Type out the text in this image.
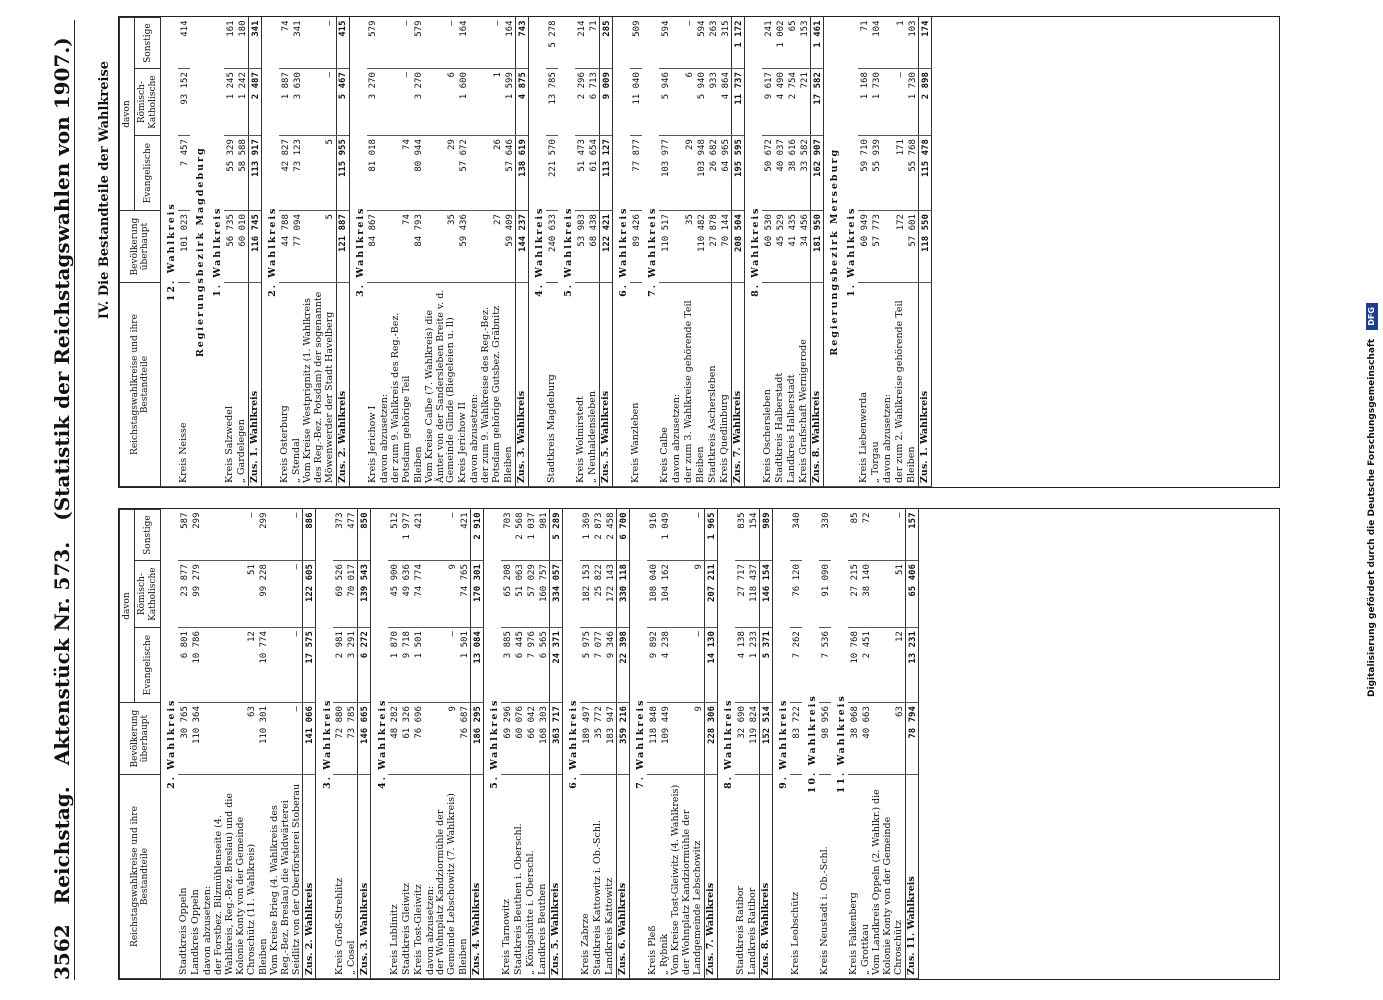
3562
Reichstag. Aktenstück Nr. 573. (Statistik der Reichstagswahlen von 1907.) IV. Die Bestandteile der Wahlkreise
Reichstagswahlkreise und ihre Bestandteile	Bevölkerung überhaupt	davon		
		Evangelische	Römisch-Katholische	Sonstige
2. Wahlkreis				
Stadtkreis Oppeln	30 765	6 801	23 877	587
Landkreis Oppeln	110 364	10 786	99 279	299
davon abzusetzen:				
der Forstbez. Bilzmühlenseite (4. Wahlkreis, Reg.-Bez. Breslau) und die Kolonie Konty von der Gemeinde Chroschütz (11. Wahlkreis)	63	12	51	—
Bleiben	110 301	10 774	99 228	299
Vom Kreise Brieg (4. Wahlkreis des Reg.-Bez. Breslau) die Waldwärterei Seidlitz von der Oberförsterei Stoberau	—	—	—	—
Zus. 2. Wahlkreis	141 066	17 575	122 605	886
3. Wahlkreis				
Kreis Groß-Strehlitz	72 880	2 981	69 526	373
„ Cosel	73 785	3 291	70 017	477
Zus. 3. Wahlkreis	146 665	6 272	139 543	850
4. Wahlkreis				
Kreis Lublinitz	48 282	1 870	45 900	512
Stadtkreis Gleiwitz	61 326	9 718	49 636	1 977
Kreis Tost-Gleiwitz	76 696	1 501	74 774	421
davon abzusetzen:				
der Wohnplatz Kandziormühle der Gemeinde Lebschowitz (7. Wahlkreis)	9	—	9	—
Bleiben	76 687	1 501	74 765	421
Zus. 4. Wahlkreis	186 295	13 084	170 301	2 910
5. Wahlkreis				
Kreis Tarnowitz	69 296	3 885	65 208	703
Stadtkreis Beuthen i. Oberschl.	60 076	6 445	51 063	2 568
„ Königshütte i. Oberschl.	66 042	7 976	57 029	1 037
Landkreis Beuthen	168 303	6 565	160 757	981
Zus. 5. Wahlkreis	363 717	24 371	334 057	5 289
6. Wahlkreis				
Kreis Zabrze	189 497	5 975	182 153	1 369
Stadtkreis Kattowitz i. Ob.-Schl.	35 772	7 077	25 822	2 873
Landkreis Kattowitz	183 947	9 346	172 143	2 458
Zus. 6. Wahlkreis	359 216	22 398	330 118	6 700
7. Wahlkreis				
Kreis Pleß	118 848	9 892	108 040	916
„ Rybnik	109 449	4 238	104 162	1 049
Vom Kreise Tost-Gleiwitz (4. Wahlkreis) der Wohnplatz Kandziormühle der Landgemeinde Lebschowitz	9	—	9	—
Zus. 7. Wahlkreis	228 306	14 130	207 211	1 965
8. Wahlkreis				
Stadtkreis Ratibor	32 690	4 138	27 717	835
Landkreis Ratibor	119 824	1 233	118 437	154
Zus. 8. Wahlkreis	152 514	5 371	146 154	989
9. Wahlkreis				
Kreis Leobschütz	83 722	7 262	76 120	340
10. Wahlkreis				
Kreis Neustadt i. Ob.-Schl.	98 956	7 536	91 090	330
11. Wahlkreis				
Kreis Falkenberg	38 068	10 768	27 215	85
„ Grottkau	40 663	2 451	38 140	72
Vom Landkreis Oppeln (2. Wahlkr.) die Kolonie Konty von der Gemeinde Chroschütz	63	12	51	—
Zus. 11. Wahlkreis	78 794	13 231	65 406	157
Reichstagswahlkreise und ihre Bestandteile	Bevölkerung überhaupt	davon		
		Evangelische	Römisch-Katholische	Sonstige
12. Wahlkreis				
Kreis Neisse	101 023	7 457	93 152	414
Regierungsbezirk Magdeburg				
1. Wahlkreis				
Kreis Salzwedel	56 735	55 329	1 245	161
„ Gardelegen	60 010	58 588	1 242	180
Zus. 1. Wahlkreis	116 745	113 917	2 487	341
2. Wahlkreis				
Kreis Osterburg	44 788	42 827	1 887	74
„ Stendal	77 094	73 123	3 630	341
Vom Kreise Westprignitz (1. Wahlkreis des Reg.-Bez. Potsdam) der sogenannte Möwenwerder der Stadt Havelberg	5	5	—	—
Zus. 2. Wahlkreis	121 887	115 955	5 467	415
3. Wahlkreis				
Kreis Jerichow I	84 867	81 018	3 270	579
davon abzusetzen:				
der zum 9. Wahlkreis des Reg.-Bez. Potsdam gehörige Teil	74	74	—	—
Bleiben	84 793	80 944	3 270	579
Vom Kreise Calbe (7. Wahlkreis) die Ämter von der Sandersleben Breite v. d. Gemeinde Glinde (Biegeleien u. ll)	35	29	6	—
Kreis Jerichow II	59 436	57 672	1 600	164
davon abzusetzen:				
der zum 9. Wahlkreise des Reg.-Bez. Potsdam gehörige Gutsbez. Gräbnitz	27	26	1	—
Bleiben	59 409	57 646	1 599	164
Zus. 3. Wahlkreis	144 237	138 619	4 875	743
4. Wahlkreis				
Stadtkreis Magdeburg	240 633	221 570	13 785	5 278
5. Wahlkreis				
Kreis Wolmirstedt	53 983	51 473	2 296	214
„ Neuhaldensleben	68 438	61 654	6 713	71
Zus. 5. Wahlkreis	122 421	113 127	9 009	285
6. Wahlkreis				
Kreis Wanzleben	89 426	77 877	11 040	509
7. Wahlkreis				
Kreis Calbe	110 517	103 977	5 946	594
davon abzusetzen:				
der zum 3. Wahlkreise gehörende Teil	35	29	6	—
Bleiben	110 482	103 948	5 940	594
Stadtkreis Aschersleben	27 878	26 682	933	263
Kreis Quedlinburg	70 144	64 965	4 864	315
Zus. 7. Wahlkreis	208 504	195 595	11 737	1 172
8. Wahlkreis				
Kreis Oschersleben	60 530	50 672	9 617	241
Stadtkreis Halberstadt	45 529	40 037	4 490	1 002
Landkreis Halberstadt	41 435	38 616	2 754	65
Kreis Grafschaft Wernigerode	34 456	33 582	721	153
Zus. 8. Wahlkreis	181 950	162 907	17 582	1 461
Regierungsbezirk Merseburg				
1. Wahlkreis				
Kreis Liebenwerda	60 949	59 710	1 168	71
„ Torgau	57 773	55 939	1 730	104
davon abzusetzen:				
der zum 2. Wahlkreise gehörende Teil	172	171	—	1
Bleiben	57 601	55 768	1 730	103
Zus. 1. Wahlkreis	118 550	115 478	2 898	174
Digitalisierung gefördert durch die Deutsche Forschungsgemeinschaft DFG
